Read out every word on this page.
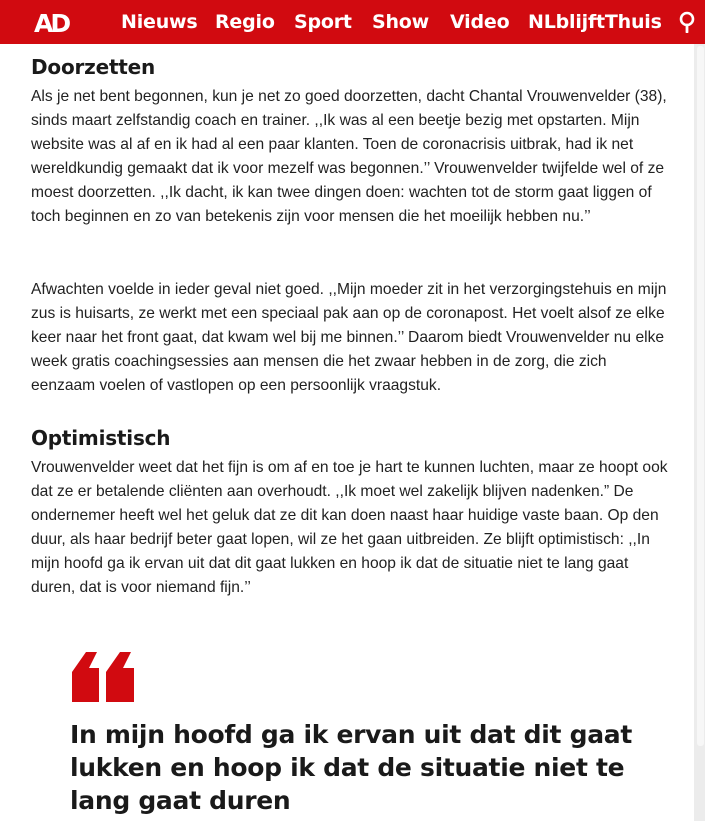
AD	Nieuws Regio Sport Show Video NLblijftThuis
Doorzetten

Als je net bent begonnen, kun je net zo goed doorzetten, dacht Chantal Vrouwenvelder (38), sinds maart zelfstandig coach en trainer. ,,Ik was al een beetje bezig met opstarten. Mijn website was al af en ik had al een paar klanten. Toen de coronacrisis uitbrak, had ik net wereldkundig gemaakt dat ik voor mezelf was begonnen.’’ Vrouwenvelder twijfelde wel of ze moest doorzetten. ,,Ik dacht, ik kan twee dingen doen: wachten tot de storm gaat liggen of toch beginnen en zo van betekenis zijn voor mensen die het moeilijk hebben nu.’’

Afwachten voelde in ieder geval niet goed. ,,Mijn moeder zit in het verzorgingstehuis en mijn zus is huisarts, ze werkt met een speciaal pak aan op de coronapost. Het voelt alsof ze elke keer naar het front gaat, dat kwam wel bij me binnen.’’ Daarom biedt Vrouwenvelder nu elke week gratis coachingsessies aan mensen die het zwaar hebben in de zorg, die zich eenzaam voelen of vastlopen op een persoonlijk vraagstuk.

Optimistisch

Vrouwenvelder weet dat het fijn is om af en toe je hart te kunnen luchten, maar ze hoopt ook dat ze er betalende cliënten aan overhoudt. ,,Ik moet wel zakelijk blijven nadenken.” De ondernemer heeft wel het geluk dat ze dit kan doen naast haar huidige vaste baan. Op den duur, als haar bedrijf beter gaat lopen, wil ze het gaan uitbreiden. Ze blijft optimistisch: ,,In mijn hoofd ga ik ervan uit dat dit gaat lukken en hoop ik dat de situatie niet te lang gaat duren, dat is voor niemand fijn.’’

In mijn hoofd ga ik ervan uit dat dit gaat lukken en hoop ik dat de situatie niet te lang gaat duren
